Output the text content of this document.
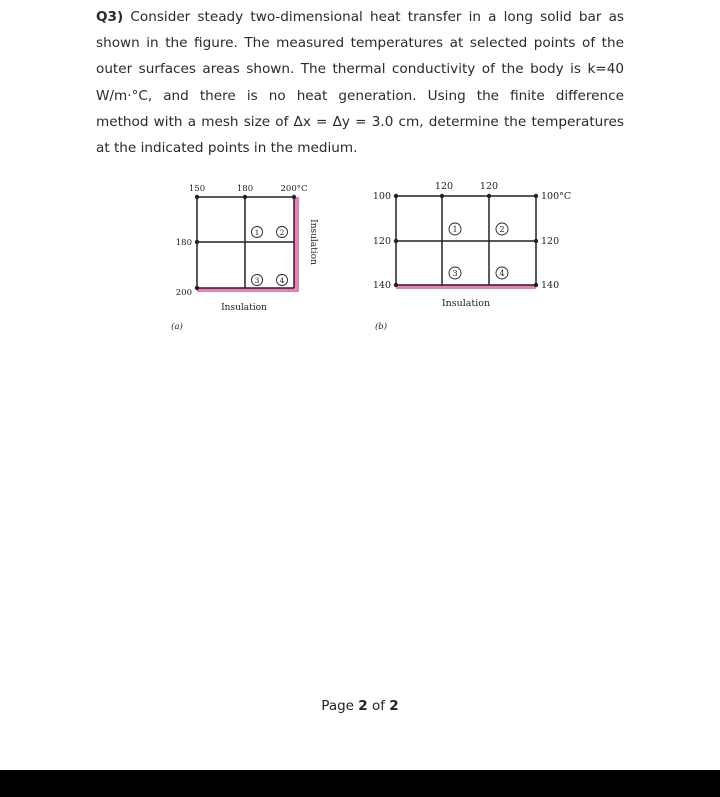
Q3) Consider steady two-dimensional heat transfer in a long solid bar as
shown in the figure. The measured temperatures at selected points of the
outer surfaces areas shown. The thermal conductivity of the body is k=40
W/m·°C, and there is no heat generation. Using the finite difference
method with a mesh size of Δx = Δy = 3.0 cm, determine the temperatures
at the indicated points in the medium.
1	2
3	4
150	180	200°C
180
200
Insulation
Insulation
(a)
1	2
3	4
120	120
100
120
140
100°C
120
140
Insulation
(b)
Page 2 of 2
